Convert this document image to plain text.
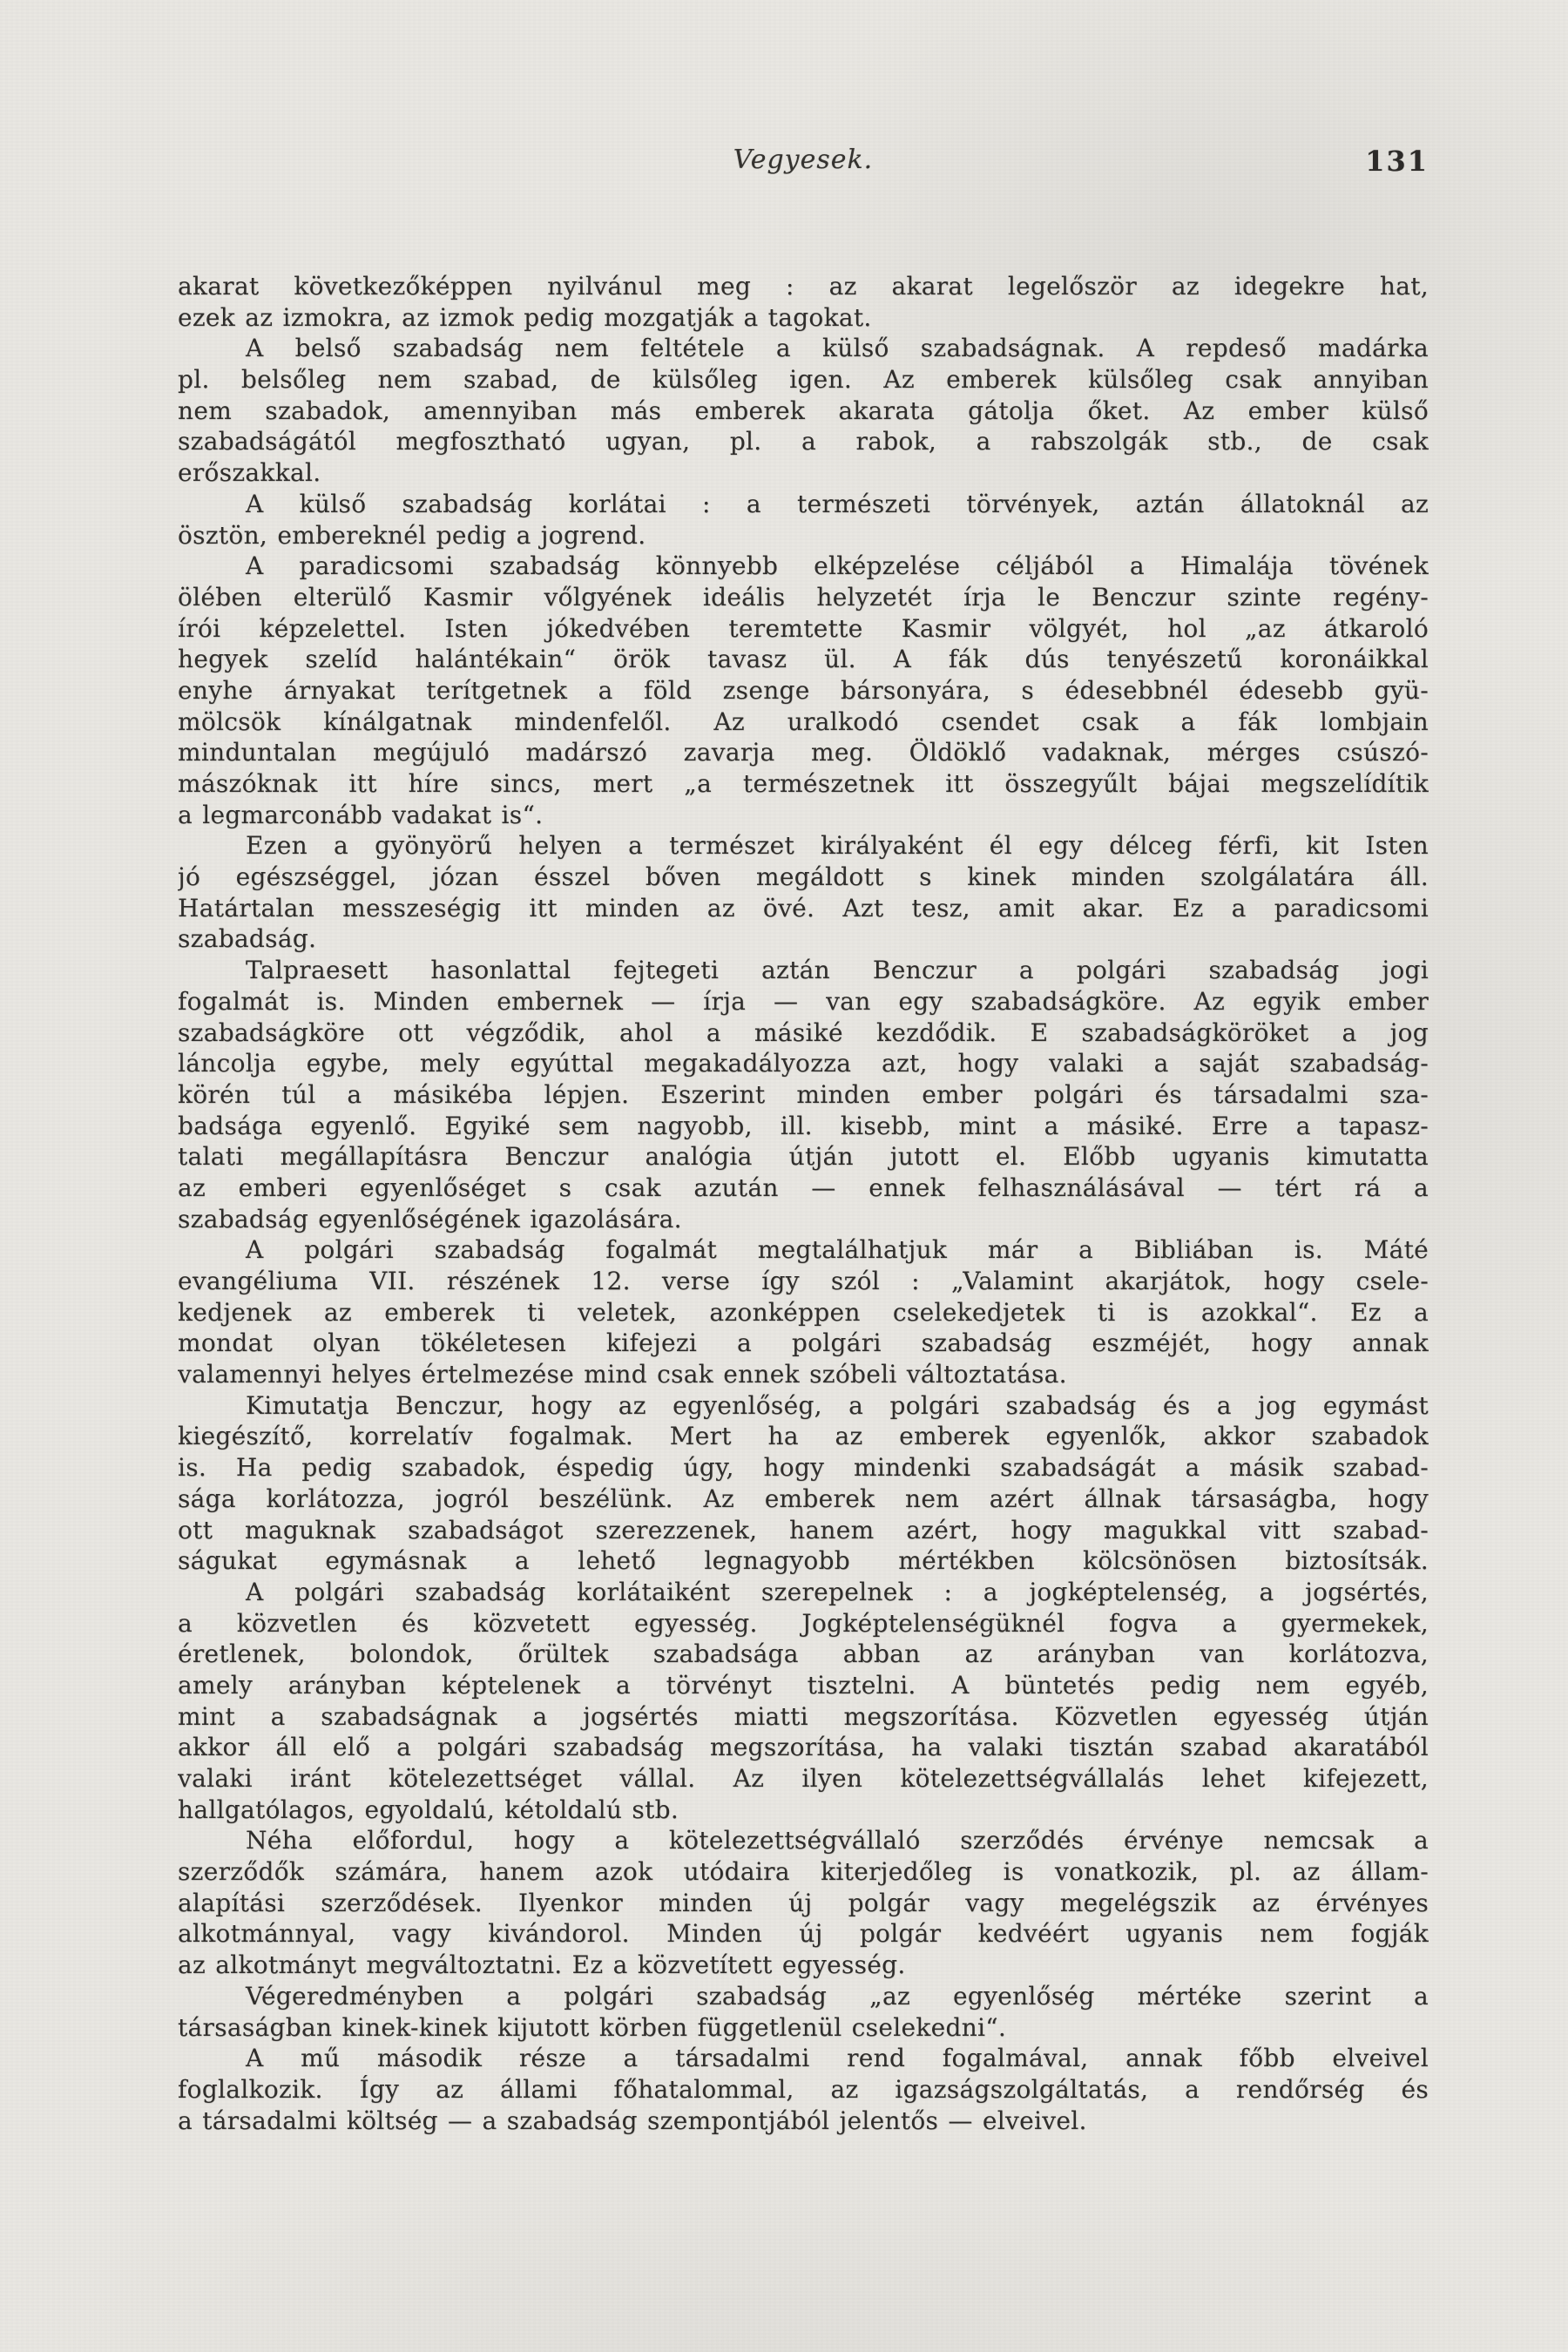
Vegyesek.	131
akarat következőképpen nyilvánul meg : az akarat legelőször az idegekre hat,
ezek az izmokra, az izmok pedig mozgatják a tagokat.
A belső szabadság nem feltétele a külső szabadságnak. A repdeső madárka
pl. belsőleg nem szabad, de külsőleg igen. Az emberek külsőleg csak annyiban
nem szabadok, amennyiban más emberek akarata gátolja őket. Az ember külső
szabadságától megfosztható ugyan, pl. a rabok, a rabszolgák stb., de csak
erőszakkal.
A külső szabadság korlátai : a természeti törvények, aztán állatoknál az
ösztön, embereknél pedig a jogrend.
A paradicsomi szabadság könnyebb elképzelése céljából a Himalája tövének
ölében elterülő Kasmir vőlgyének ideális helyzetét írja le Benczur szinte regény-
írói képzelettel. Isten jókedvében teremtette Kasmir völgyét, hol „az átkaroló
hegyek szelíd halántékain“ örök tavasz ül. A fák dús tenyészetű koronáikkal
enyhe árnyakat terítgetnek a föld zsenge bársonyára, s édesebbnél édesebb gyü-
mölcsök kínálgatnak mindenfelől. Az uralkodó csendet csak a fák lombjain
minduntalan megújuló madárszó zavarja meg. Öldöklő vadaknak, mérges csúszó-
mászóknak itt híre sincs, mert „a természetnek itt összegyűlt bájai megszelídítik
a legmarconább vadakat is“.
Ezen a gyönyörű helyen a természet királyaként él egy délceg férfi, kit Isten
jó egészséggel, józan ésszel bőven megáldott s kinek minden szolgálatára áll.
Határtalan messzeségig itt minden az övé. Azt tesz, amit akar. Ez a paradicsomi
szabadság.
Talpraesett hasonlattal fejtegeti aztán Benczur a polgári szabadság jogi
fogalmát is. Minden embernek — írja — van egy szabadságköre. Az egyik ember
szabadságköre ott végződik, ahol a másiké kezdődik. E szabadságköröket a jog
láncolja egybe, mely egyúttal megakadályozza azt, hogy valaki a saját szabadság-
körén túl a másikéba lépjen. Eszerint minden ember polgári és társadalmi sza-
badsága egyenlő. Egyiké sem nagyobb, ill. kisebb, mint a másiké. Erre a tapasz-
talati megállapításra Benczur analógia útján jutott el. Előbb ugyanis kimutatta
az emberi egyenlőséget s csak azután — ennek felhasználásával — tért rá a
szabadság egyenlőségének igazolására.
A polgári szabadság fogalmát megtalálhatjuk már a Bibliában is. Máté
evangéliuma VII. részének 12. verse így szól : „Valamint akarjátok, hogy csele-
kedjenek az emberek ti veletek, azonképpen cselekedjetek ti is azokkal“. Ez a
mondat olyan tökéletesen kifejezi a polgári szabadság eszméjét, hogy annak
valamennyi helyes értelmezése mind csak ennek szóbeli változtatása.
Kimutatja Benczur, hogy az egyenlőség, a polgári szabadság és a jog egymást
kiegészítő, korrelatív fogalmak. Mert ha az emberek egyenlők, akkor szabadok
is. Ha pedig szabadok, éspedig úgy, hogy mindenki szabadságát a másik szabad-
sága korlátozza, jogról beszélünk. Az emberek nem azért állnak társaságba, hogy
ott maguknak szabadságot szerezzenek, hanem azért, hogy magukkal vitt szabad-
ságukat egymásnak a lehető legnagyobb mértékben kölcsönösen biztosítsák.
A polgári szabadság korlátaiként szerepelnek : a jogképtelenség, a jogsértés,
a közvetlen és közvetett egyesség. Jogképtelenségüknél fogva a gyermekek,
éretlenek, bolondok, őrültek szabadsága abban az arányban van korlátozva,
amely arányban képtelenek a törvényt tisztelni. A büntetés pedig nem egyéb,
mint a szabadságnak a jogsértés miatti megszorítása. Közvetlen egyesség útján
akkor áll elő a polgári szabadság megszorítása, ha valaki tisztán szabad akaratából
valaki iránt kötelezettséget vállal. Az ilyen kötelezettségvállalás lehet kifejezett,
hallgatólagos, egyoldalú, kétoldalú stb.
Néha előfordul, hogy a kötelezettségvállaló szerződés érvénye nemcsak a
szerződők számára, hanem azok utódaira kiterjedőleg is vonatkozik, pl. az állam-
alapítási szerződések. Ilyenkor minden új polgár vagy megelégszik az érvényes
alkotmánnyal, vagy kivándorol. Minden új polgár kedvéért ugyanis nem fogják
az alkotmányt megváltoztatni. Ez a közvetített egyesség.
Végeredményben a polgári szabadság „az egyenlőség mértéke szerint a
társaságban kinek-kinek kijutott körben függetlenül cselekedni“.
A mű második része a társadalmi rend fogalmával, annak főbb elveivel
foglalkozik. Így az állami főhatalommal, az igazságszolgáltatás, a rendőrség és
a társadalmi költség — a szabadság szempontjából jelentős — elveivel.
